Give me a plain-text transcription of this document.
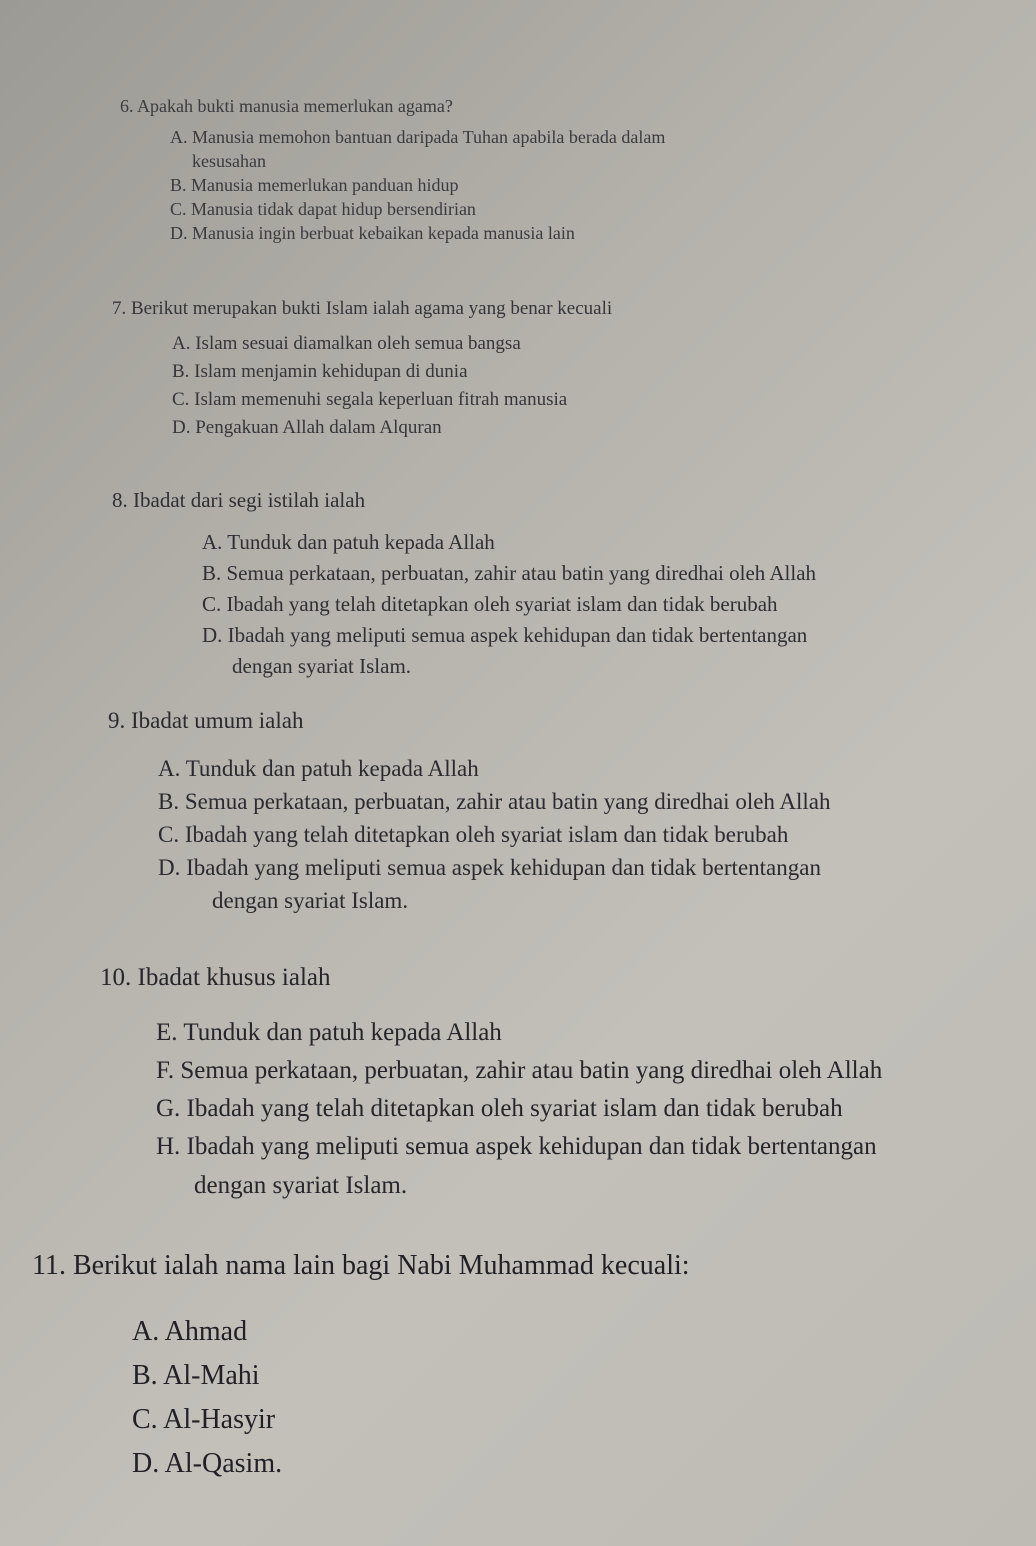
6. Apakah bukti manusia memerlukan agama?
A. Manusia memohon bantuan daripada Tuhan apabila berada dalam
kesusahan
B. Manusia memerlukan panduan hidup
C. Manusia tidak dapat hidup bersendirian
D. Manusia ingin berbuat kebaikan kepada manusia lain
7. Berikut merupakan bukti Islam ialah agama yang benar kecuali
A. Islam sesuai diamalkan oleh semua bangsa
B. Islam menjamin kehidupan di dunia
C. Islam memenuhi segala keperluan fitrah manusia
D. Pengakuan Allah dalam Alquran
8. Ibadat dari segi istilah ialah
A. Tunduk dan patuh kepada Allah
B. Semua perkataan, perbuatan, zahir atau batin yang diredhai oleh Allah
C. Ibadah yang telah ditetapkan oleh syariat islam dan tidak berubah
D. Ibadah yang meliputi semua aspek kehidupan dan tidak bertentangan
dengan syariat Islam.
9. Ibadat umum ialah
A. Tunduk dan patuh kepada Allah
B. Semua perkataan, perbuatan, zahir atau batin yang diredhai oleh Allah
C. Ibadah yang telah ditetapkan oleh syariat islam dan tidak berubah
D. Ibadah yang meliputi semua aspek kehidupan dan tidak bertentangan
dengan syariat Islam.
10. Ibadat khusus ialah
E. Tunduk dan patuh kepada Allah
F. Semua perkataan, perbuatan, zahir atau batin yang diredhai oleh Allah
G. Ibadah yang telah ditetapkan oleh syariat islam dan tidak berubah
H. Ibadah yang meliputi semua aspek kehidupan dan tidak bertentangan
dengan syariat Islam.
11. Berikut ialah nama lain bagi Nabi Muhammad kecuali:
A. Ahmad
B. Al-Mahi
C. Al-Hasyir
D. Al-Qasim.
